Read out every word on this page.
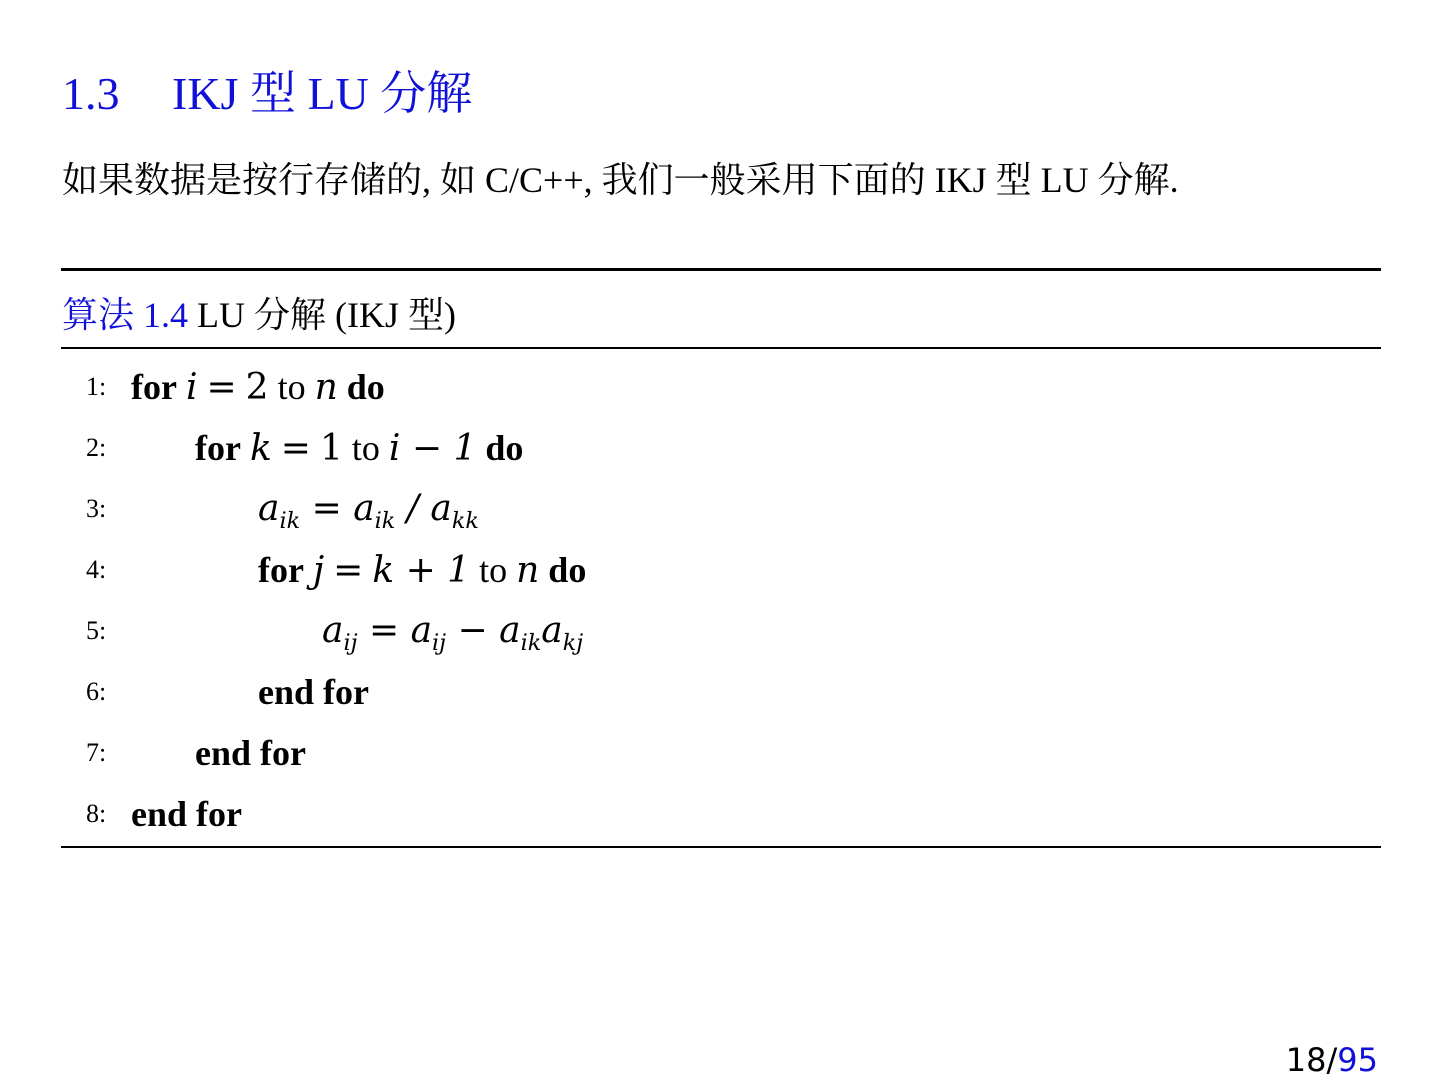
1.3 IKJ 型 LU 分解
如果数据是按行存储的, 如 C/C++, 我们一般采用下面的 IKJ 型 LU 分解.
算法 1.4 LU 分解 (IKJ 型)
1: for i = 2 to n do
2:	for k = 1 to i − 1 do
3:	$a_{ik} = a_{ik} / a_{kk}$
4:	for j = k + 1 to n do
5:	$a_{ij} = a_{ij} - a_{ik}a_{kj}$
6:	end for
7:	end for
8: end for
18/95
